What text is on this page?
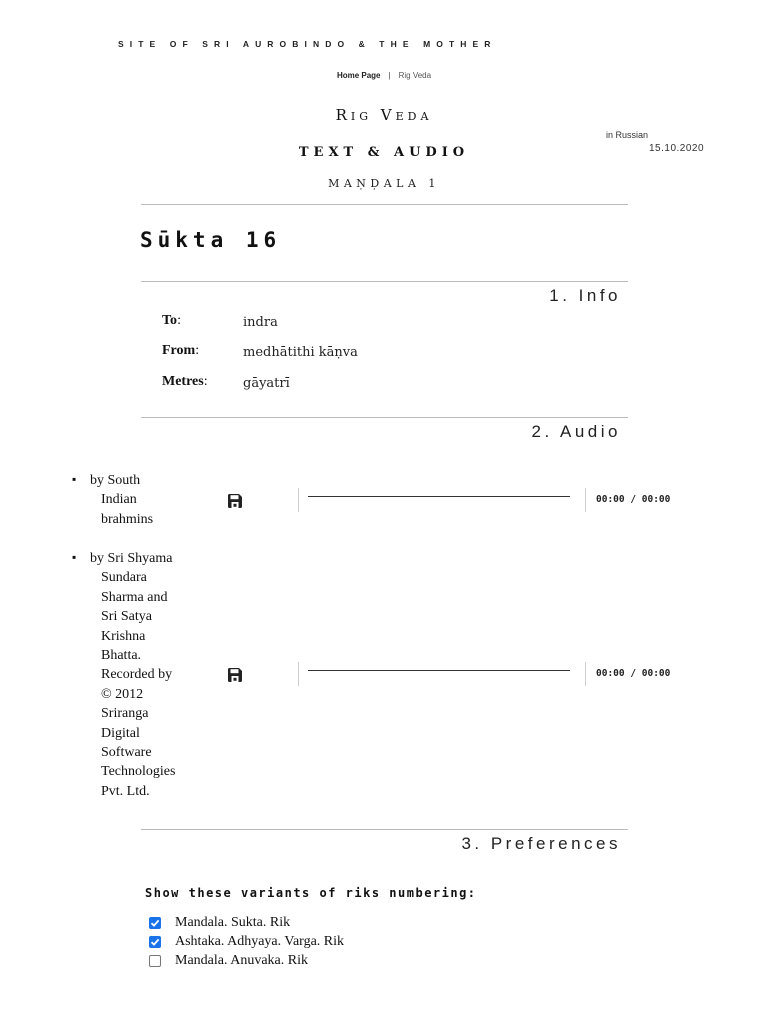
SITE OF SRI AUROBINDO & THE MOTHER
Home Page | Rig Veda
Rig Veda
TEXT & AUDIO
MAṆḌALA 1
in Russian
15.10.2020
Sūkta 16
1. Info
To:	indra
From:	medhātithi kāṇva
Metres:	gāyatrī
2. Audio
▪ by South
Indian
brahmins
00:00 / 00:00
▪ by Sri Shyama
Sundara
Sharma and
Sri Satya
Krishna
Bhatta.
Recorded by
© 2012
Sriranga
Digital
Software
Technologies
Pvt. Ltd.
00:00 / 00:00
3. Preferences
Show these variants of riks numbering:
Mandala. Sukta. Rik
Ashtaka. Adhyaya. Varga. Rik
Mandala. Anuvaka. Rik
